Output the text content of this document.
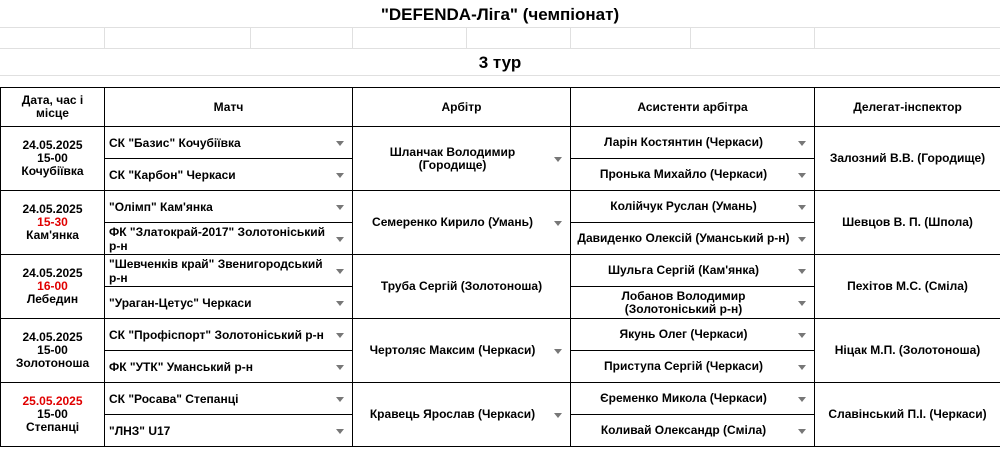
"DEFENDA-Ліга" (чемпіонат)
3 тур
Дата, час і місце	Матч	Арбітр	Асистенти арбітра	Делегат-інспектор

24.05.2025
15-00
Кочубіївка	СК "Базис" Кочубіївка	Шланчак Володимир (Городище)	Ларін Костянтин (Черкаси)	Залозний В.В. (Городище)
	СК "Карбон" Черкаси		Пронька Михайло (Черкаси)	

24.05.2025
15-30
Кам'янка	"Олімп" Кам'янка	Семеренко Кирило (Умань)	Колійчук Руслан (Умань)	Шевцов В. П. (Шпола)
	ФК "Златокрай-2017" Золотоніський р-н		Давиденко Олексій (Уманський р-н)	

24.05.2025
16-00
Лебедин	"Шевченків край" Звенигородський р-н	Труба Сергій (Золотоноша)	Шульга Сергій (Кам'янка)	Пехітов М.С. (Сміла)
	"Ураган-Цетус" Черкаси		Лобанов Володимир (Золотоніський р-н)	

24.05.2025
15-00
Золотоноша	СК "Профіспорт" Золотоніський р-н	Чертоляс Максим (Черкаси)	Якунь Олег (Черкаси)	Ніцак М.П. (Золотоноша)
	ФК "УТК" Уманський р-н		Приступа Сергій (Черкаси)	

25.05.2025
15-00
Степанці	СК "Росава" Степанці	Кравець Ярослав (Черкаси)	Єременко Микола (Черкаси)	Славінський П.І. (Черкаси)
	"ЛНЗ" U17		Коливай Олександр (Сміла)	
